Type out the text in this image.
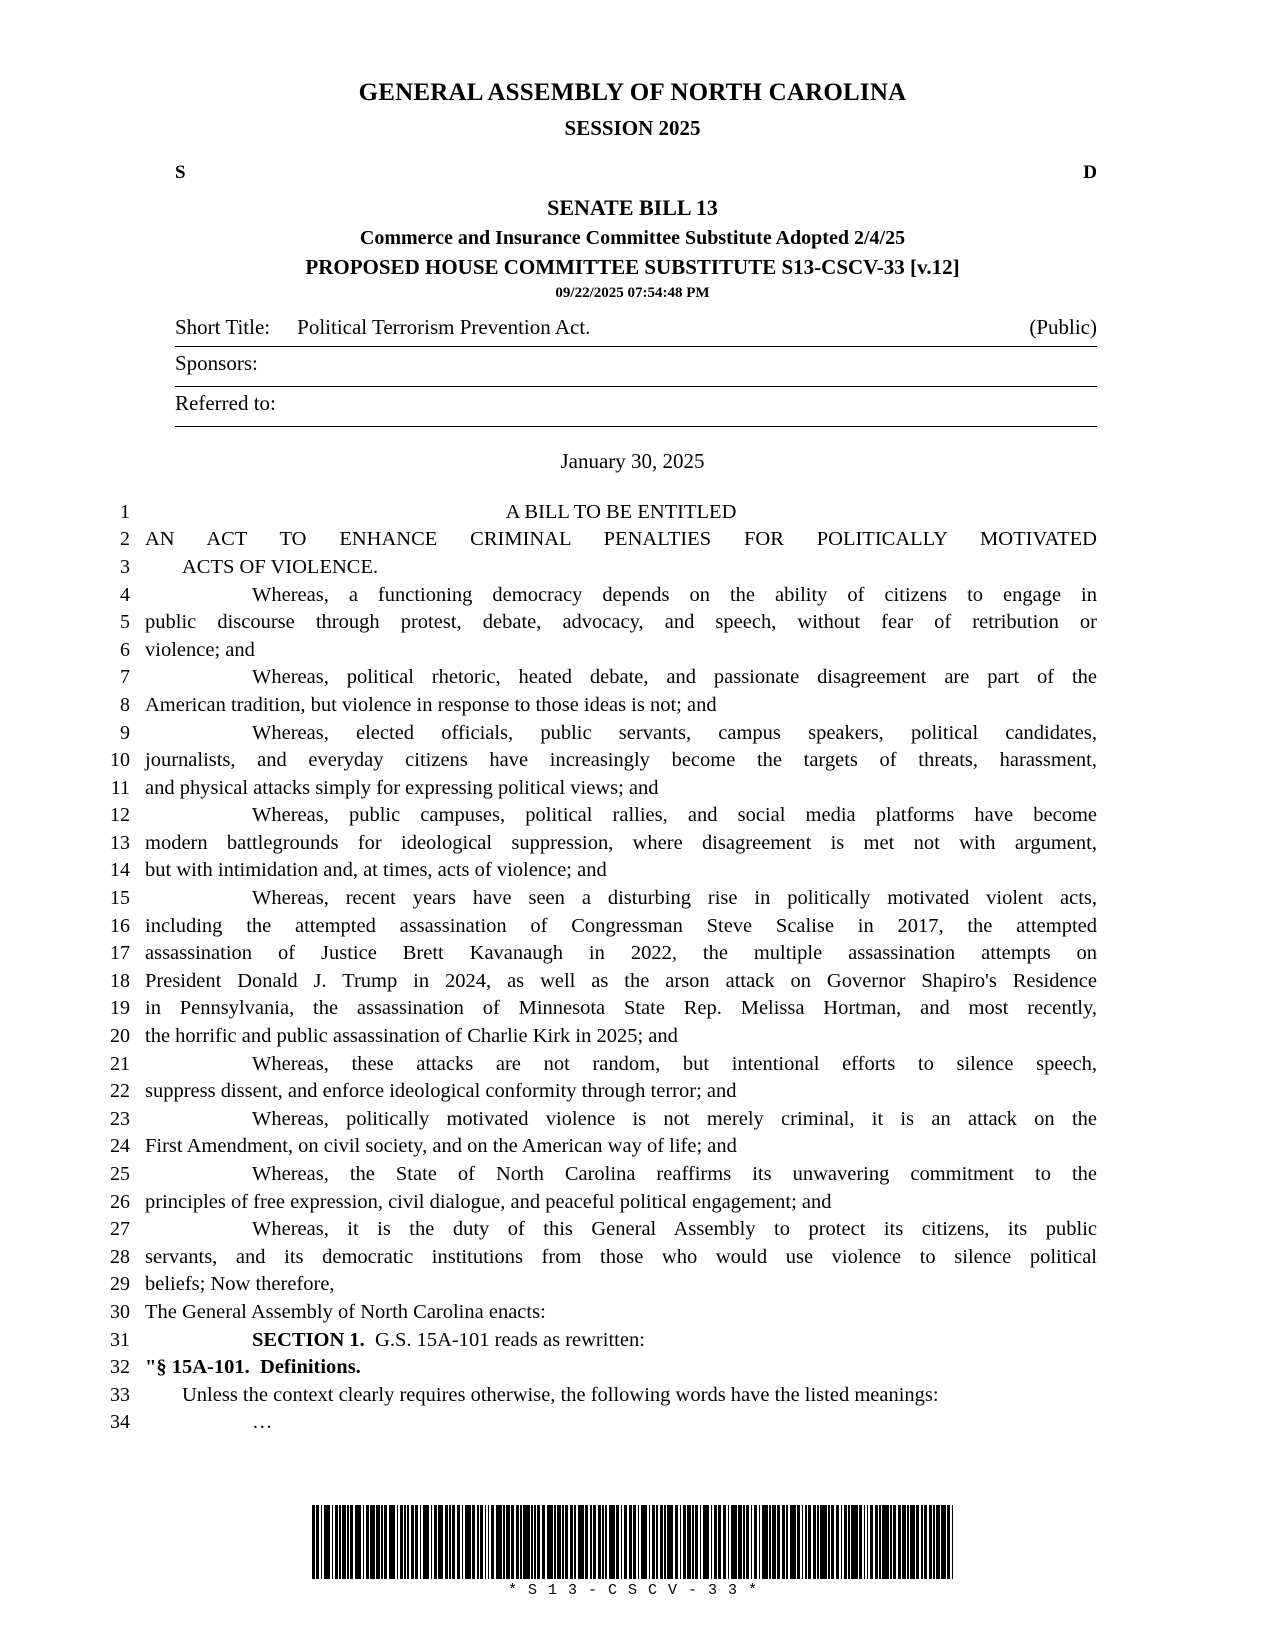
GENERAL ASSEMBLY OF NORTH CAROLINA
SESSION 2025
S	D
SENATE BILL 13
Commerce and Insurance Committee Substitute Adopted 2/4/25
PROPOSED HOUSE COMMITTEE SUBSTITUTE S13-CSCV-33 [v.12]
09/22/2025 07:54:48 PM
Short Title: Political Terrorism Prevention Act.	(Public)
Sponsors:
Referred to:
January 30, 2025
1	A BILL TO BE ENTITLED
2 AN ACT TO ENHANCE CRIMINAL PENALTIES FOR POLITICALLY MOTIVATED
3	ACTS OF VIOLENCE.
4	Whereas, a functioning democracy depends on the ability of citizens to engage in
5 public discourse through protest, debate, advocacy, and speech, without fear of retribution or
6 violence; and
7	Whereas, political rhetoric, heated debate, and passionate disagreement are part of the
8 American tradition, but violence in response to those ideas is not; and
9	Whereas, elected officials, public servants, campus speakers, political candidates,
10 journalists, and everyday citizens have increasingly become the targets of threats, harassment,
11 and physical attacks simply for expressing political views; and
12	Whereas, public campuses, political rallies, and social media platforms have become
13 modern battlegrounds for ideological suppression, where disagreement is met not with argument,
14 but with intimidation and, at times, acts of violence; and
15	Whereas, recent years have seen a disturbing rise in politically motivated violent acts,
16 including the attempted assassination of Congressman Steve Scalise in 2017, the attempted
17 assassination of Justice Brett Kavanaugh in 2022, the multiple assassination attempts on
18 President Donald J. Trump in 2024, as well as the arson attack on Governor Shapiro's Residence
19 in Pennsylvania, the assassination of Minnesota State Rep. Melissa Hortman, and most recently,
20 the horrific and public assassination of Charlie Kirk in 2025; and
21	Whereas, these attacks are not random, but intentional efforts to silence speech,
22 suppress dissent, and enforce ideological conformity through terror; and
23	Whereas, politically motivated violence is not merely criminal, it is an attack on the
24 First Amendment, on civil society, and on the American way of life; and
25	Whereas, the State of North Carolina reaffirms its unwavering commitment to the
26 principles of free expression, civil dialogue, and peaceful political engagement; and
27	Whereas, it is the duty of this General Assembly to protect its citizens, its public
28 servants, and its democratic institutions from those who would use violence to silence political
29 beliefs; Now therefore,
30 The General Assembly of North Carolina enacts:
31	SECTION 1.  G.S. 15A-101 reads as rewritten:
32 "§ 15A-101.  Definitions.
33	Unless the context clearly requires otherwise, the following words have the listed meanings:
34	…
*S13-CSCV-33*
